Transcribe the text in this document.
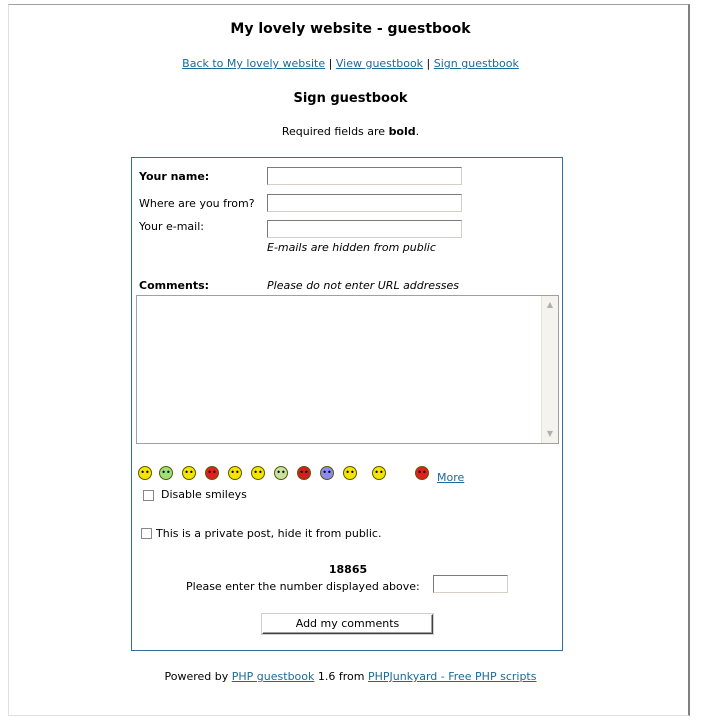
My lovely website - guestbook
Back to My lovely website | View guestbook | Sign guestbook
Sign guestbook
Required fields are bold.
Your name:
Where are you from?
Your e-mail:
E-mails are hidden from public
Comments:	Please do not enter URL addresses
▲
▼
•• •• •• •• •• •• •• •• •• •• ••	•• More
Disable smileys
This is a private post, hide it from public.
18865
Please enter the number displayed above:
Add my comments
Powered by PHP guestbook 1.6 from PHPJunkyard - Free PHP scripts
